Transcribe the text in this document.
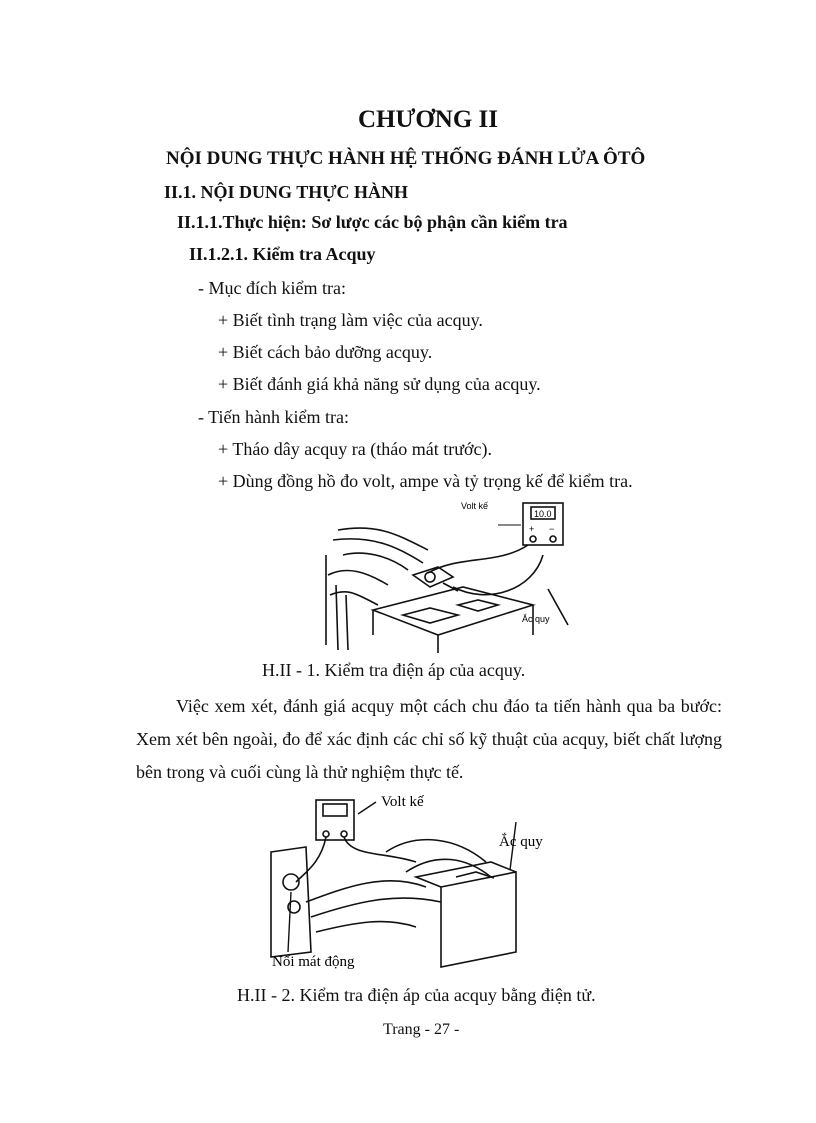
CHƯƠNG II
NỘI DUNG THỰC HÀNH HỆ THỐNG ĐÁNH LỬA ÔTÔ
II.1. NỘI DUNG THỰC HÀNH
II.1.1.Thực hiện: Sơ lược các bộ phận cần kiểm tra
II.1.2.1. Kiểm tra Acquy
- Mục đích kiểm tra:
+ Biết tình trạng làm việc của acquy.
+ Biết cách bảo dưỡng acquy.
+ Biết đánh giá khả năng sử dụng của acquy.
- Tiến hành kiểm tra:
+ Tháo dây acquy ra (tháo mát trước).
+ Dùng đồng hồ đo volt, ampe và tỷ trọng kế để kiểm tra.
Volt kế
10.0
+ −
Ắc quy
H.II - 1. Kiểm tra điện áp của acquy.

Việc xem xét, đánh giá acquy một cách chu đáo ta tiến hành qua ba bước: Xem xét bên ngoài, đo để xác định các chỉ số kỹ thuật của acquy, biết chất lượng bên trong và cuối cùng là thử nghiệm thực tế.

Volt kế
Ắc quy
Nối mát động
H.II - 2. Kiểm tra điện áp của acquy bằng điện tử.
Trang - 27 -
